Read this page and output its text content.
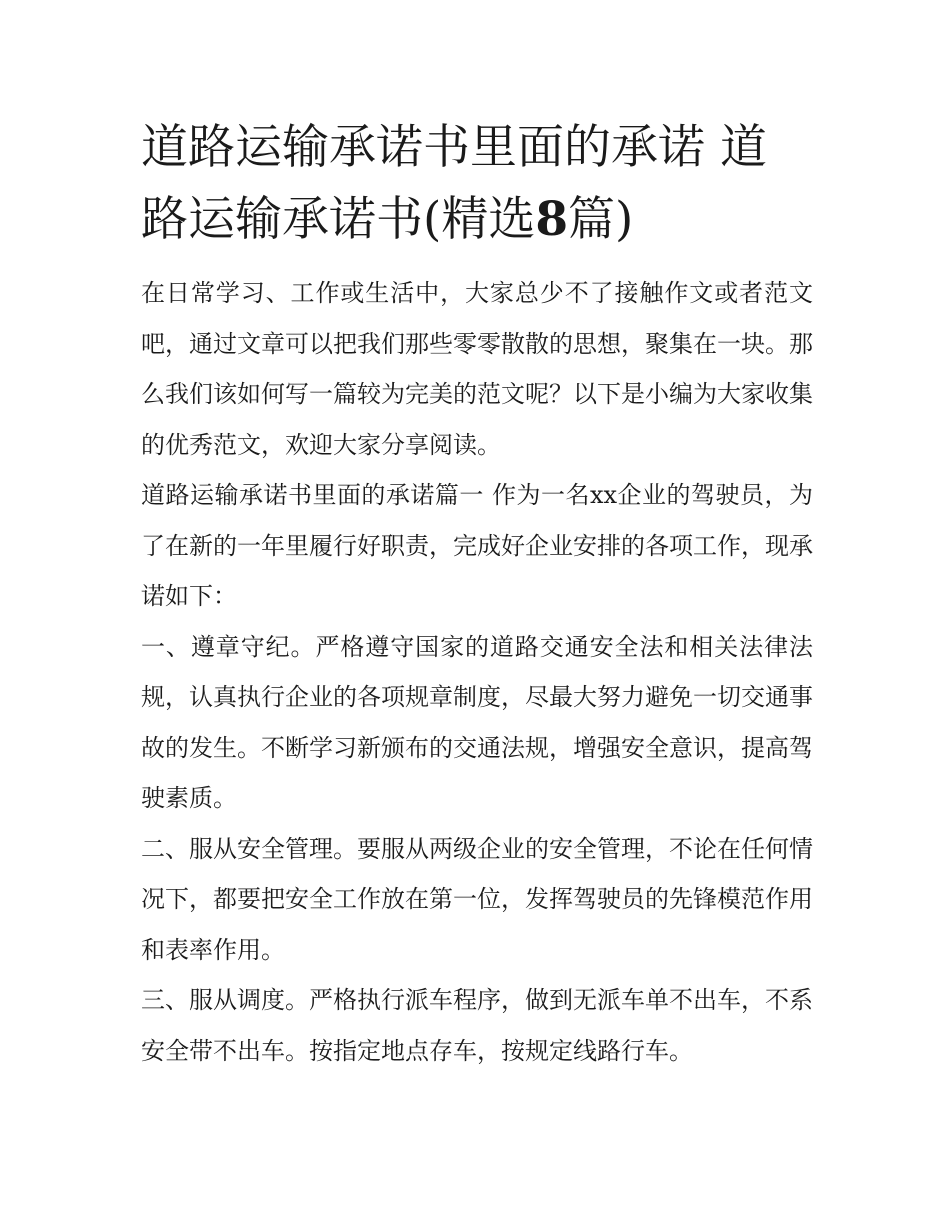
道路运输承诺书里面的承诺 道路运输承诺书(精选8篇)

在日常学习、工作或生活中，大家总少不了接触作文或者范文吧，通过文章可以把我们那些零零散散的思想，聚集在一块。那么我们该如何写一篇较为完美的范文呢？以下是小编为大家收集的优秀范文，欢迎大家分享阅读。

道路运输承诺书里面的承诺篇一 作为一名xx企业的驾驶员，为了在新的一年里履行好职责，完成好企业安排的各项工作，现承诺如下：

一、遵章守纪。严格遵守国家的道路交通安全法和相关法律法规，认真执行企业的各项规章制度，尽最大努力避免一切交通事故的发生。不断学习新颁布的交通法规，增强安全意识，提高驾驶素质。

二、服从安全管理。要服从两级企业的安全管理，不论在任何情况下，都要把安全工作放在第一位，发挥驾驶员的先锋模范作用和表率作用。

三、服从调度。严格执行派车程序，做到无派车单不出车，不系安全带不出车。按指定地点存车，按规定线路行车。
